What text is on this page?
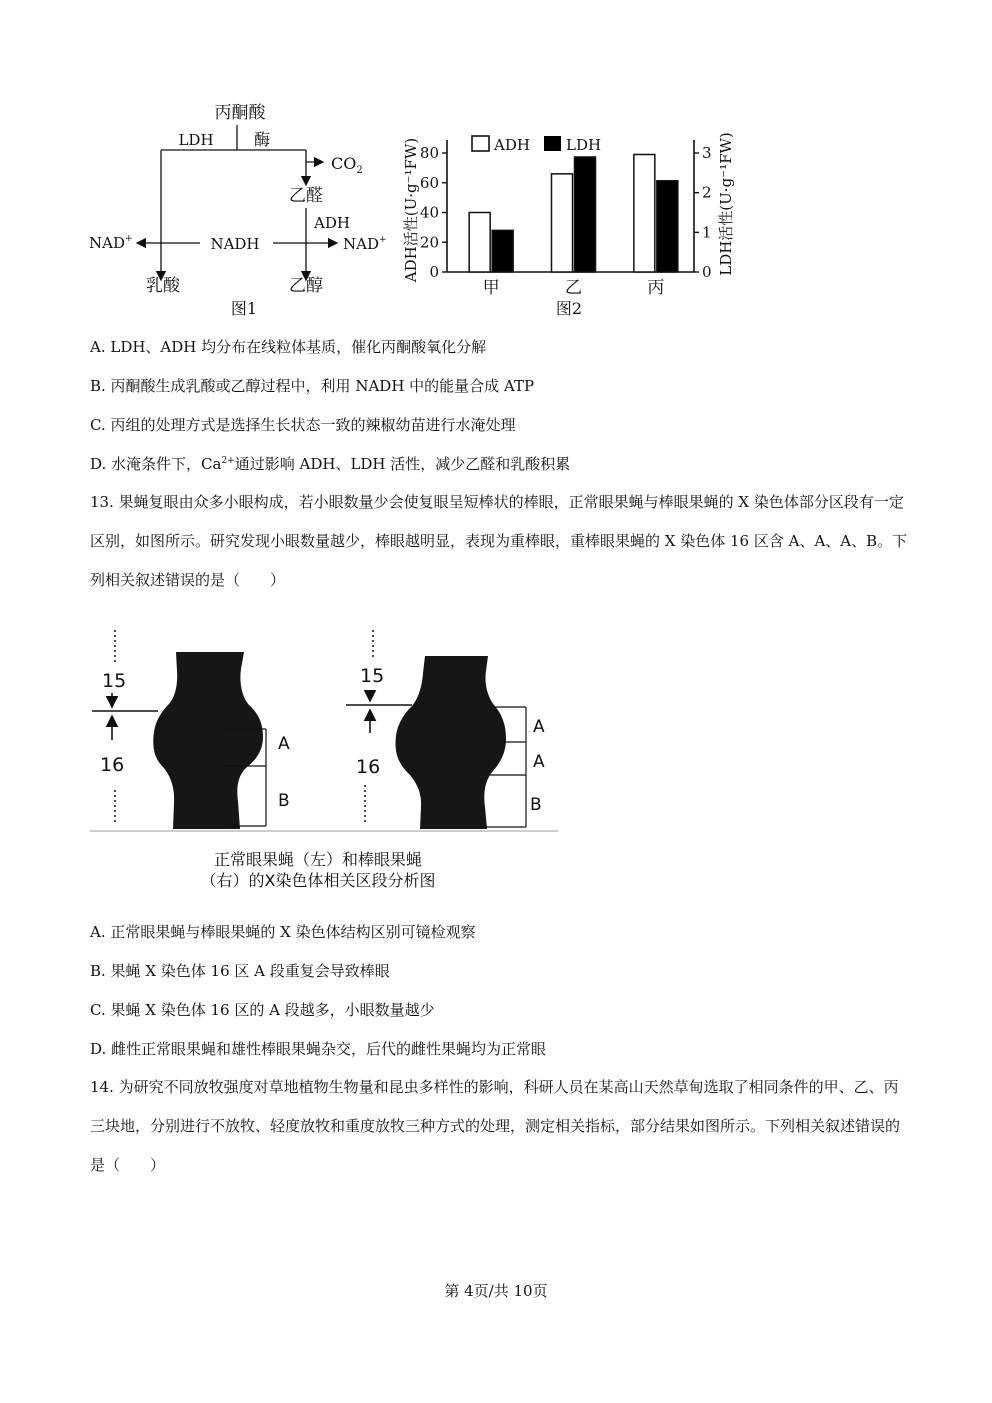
丙酮酸
LDH	酶
$CO_2$
乙醛
ADH
NADH
NAD+	NAD+
乳酸	乙醇
图1
ADH LDH
ADH活性(U·g⁻¹FW)	LDH活性(U·g⁻¹FW)
0
20
40
60
80
0
1
2
3
甲	乙	丙
图2
A. LDH、ADH 均分布在线粒体基质，催化丙酮酸氧化分解
B. 丙酮酸生成乳酸或乙醇过程中，利用 NADH 中的能量合成 ATP
C. 丙组的处理方式是选择生长状态一致的辣椒幼苗进行水淹处理
D. 水淹条件下，$Ca^{2+}$通过影响 ADH、LDH 活性，减少乙醛和乳酸积累
13. 果蝇复眼由众多小眼构成，若小眼数量少会使复眼呈短棒状的棒眼，正常眼果蝇与棒眼果蝇的 X 染色体部分区段有一定区别，如图所示。研究发现小眼数量越少，棒眼越明显，表现为重棒眼，重棒眼果蝇的 X 染色体 16 区含 A、A、A、B。下列相关叙述错误的是（　　）
15
16
A
B
15
16
A
A
B
正常眼果蝇（左）和棒眼果蝇
（右）的X染色体相关区段分析图
A. 正常眼果蝇与棒眼果蝇的 X 染色体结构区别可镜检观察
B. 果蝇 X 染色体 16 区 A 段重复会导致棒眼
C. 果蝇 X 染色体 16 区的 A 段越多，小眼数量越少
D. 雌性正常眼果蝇和雄性棒眼果蝇杂交，后代的雌性果蝇均为正常眼
14. 为研究不同放牧强度对草地植物生物量和昆虫多样性的影响，科研人员在某高山天然草甸选取了相同条件的甲、乙、丙三块地，分别进行不放牧、轻度放牧和重度放牧三种方式的处理，测定相关指标，部分结果如图所示。下列相关叙述错误的是（　　）
第 4页/共 10页
